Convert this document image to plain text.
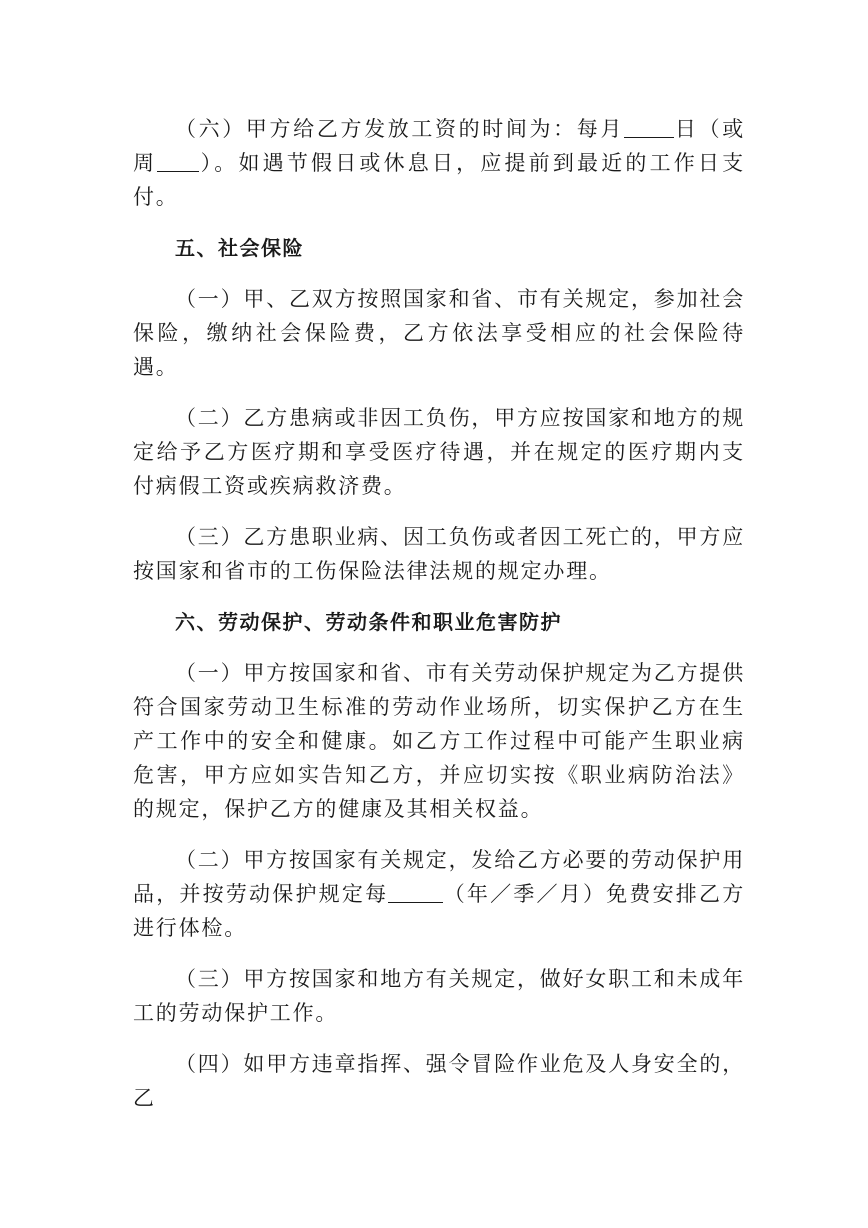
（六）甲方给乙方发放工资的时间为：每月 日（或周 ）。如遇节假日或休息日，应提前到最近的工作日支付。

五、社会保险

（一）甲、乙双方按照国家和省、市有关规定，参加社会保险，缴纳社会保险费，乙方依法享受相应的社会保险待遇。

（二）乙方患病或非因工负伤，甲方应按国家和地方的规定给予乙方医疗期和享受医疗待遇，并在规定的医疗期内支付病假工资或疾病救济费。

（三）乙方患职业病、因工负伤或者因工死亡的，甲方应按国家和省市的工伤保险法律法规的规定办理。

六、劳动保护、劳动条件和职业危害防护

（一）甲方按国家和省、市有关劳动保护规定为乙方提供符合国家劳动卫生标准的劳动作业场所，切实保护乙方在生产工作中的安全和健康。如乙方工作过程中可能产生职业病危害，甲方应如实告知乙方，并应切实按《职业病防治法》的规定，保护乙方的健康及其相关权益。

（二）甲方按国家有关规定，发给乙方必要的劳动保护用品，并按劳动保护规定每	（年／季／月）免费安排乙方进行体检。

（三）甲方按国家和地方有关规定，做好女职工和未成年工的劳动保护工作。

（四）如甲方违章指挥、强令冒险作业危及人身安全的，乙
